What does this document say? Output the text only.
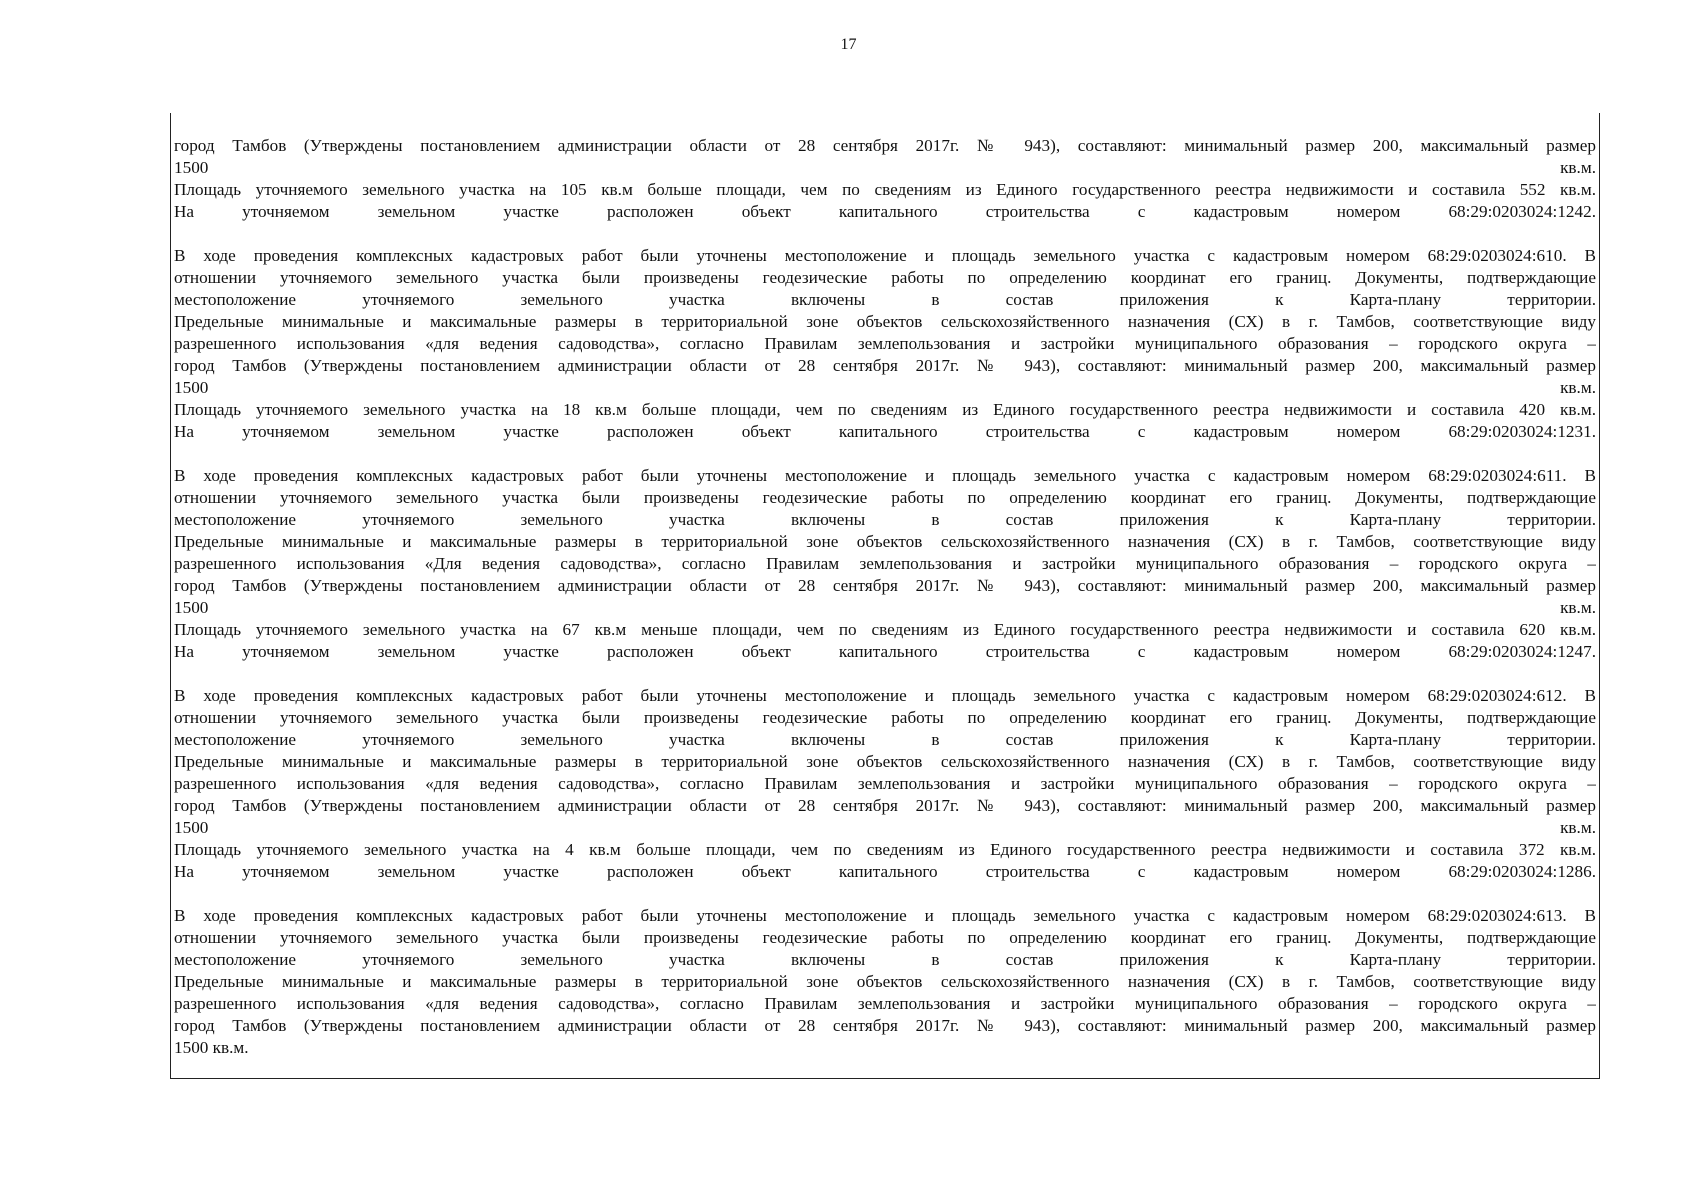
17
город Тамбов (Утверждены постановлением администрации области от 28 сентября 2017г. № 943), составляют: минимальный размер 200, максимальный размер
1500 кв.м.
Площадь уточняемого земельного участка на 105 кв.м больше площади, чем по сведениям из Единого государственного реестра недвижимости и составила 552 кв.м.
На уточняемом земельном участке расположен объект капитального строительства с кадастровым номером 68:29:0203024:1242.
В ходе проведения комплексных кадастровых работ были уточнены местоположение и площадь земельного участка с кадастровым номером 68:29:0203024:610. В
отношении уточняемого земельного участка были произведены геодезические работы по определению координат его границ. Документы, подтверждающие
местоположение уточняемого земельного участка включены в состав приложения к Карта-плану территории.
Предельные минимальные и максимальные размеры в территориальной зоне объектов сельскохозяйственного назначения (СХ) в г. Тамбов, соответствующие виду
разрешенного использования «для ведения садоводства», согласно Правилам землепользования и застройки муниципального образования – городского округа –
город Тамбов (Утверждены постановлением администрации области от 28 сентября 2017г. № 943), составляют: минимальный размер 200, максимальный размер
1500 кв.м.
Площадь уточняемого земельного участка на 18 кв.м больше площади, чем по сведениям из Единого государственного реестра недвижимости и составила 420 кв.м.
На уточняемом земельном участке расположен объект капитального строительства с кадастровым номером 68:29:0203024:1231.
В ходе проведения комплексных кадастровых работ были уточнены местоположение и площадь земельного участка с кадастровым номером 68:29:0203024:611. В
отношении уточняемого земельного участка были произведены геодезические работы по определению координат его границ. Документы, подтверждающие
местоположение уточняемого земельного участка включены в состав приложения к Карта-плану территории.
Предельные минимальные и максимальные размеры в территориальной зоне объектов сельскохозяйственного назначения (СХ) в г. Тамбов, соответствующие виду
разрешенного использования «Для ведения садоводства», согласно Правилам землепользования и застройки муниципального образования – городского округа –
город Тамбов (Утверждены постановлением администрации области от 28 сентября 2017г. № 943), составляют: минимальный размер 200, максимальный размер
1500 кв.м.
Площадь уточняемого земельного участка на 67 кв.м меньше площади, чем по сведениям из Единого государственного реестра недвижимости и составила 620 кв.м.
На уточняемом земельном участке расположен объект капитального строительства с кадастровым номером 68:29:0203024:1247.
В ходе проведения комплексных кадастровых работ были уточнены местоположение и площадь земельного участка с кадастровым номером 68:29:0203024:612. В
отношении уточняемого земельного участка были произведены геодезические работы по определению координат его границ. Документы, подтверждающие
местоположение уточняемого земельного участка включены в состав приложения к Карта-плану территории.
Предельные минимальные и максимальные размеры в территориальной зоне объектов сельскохозяйственного назначения (СХ) в г. Тамбов, соответствующие виду
разрешенного использования «для ведения садоводства», согласно Правилам землепользования и застройки муниципального образования – городского округа –
город Тамбов (Утверждены постановлением администрации области от 28 сентября 2017г. № 943), составляют: минимальный размер 200, максимальный размер
1500 кв.м.
Площадь уточняемого земельного участка на 4 кв.м больше площади, чем по сведениям из Единого государственного реестра недвижимости и составила 372 кв.м.
На уточняемом земельном участке расположен объект капитального строительства с кадастровым номером 68:29:0203024:1286.
В ходе проведения комплексных кадастровых работ были уточнены местоположение и площадь земельного участка с кадастровым номером 68:29:0203024:613. В
отношении уточняемого земельного участка были произведены геодезические работы по определению координат его границ. Документы, подтверждающие
местоположение уточняемого земельного участка включены в состав приложения к Карта-плану территории.
Предельные минимальные и максимальные размеры в территориальной зоне объектов сельскохозяйственного назначения (СХ) в г. Тамбов, соответствующие виду
разрешенного использования «для ведения садоводства», согласно Правилам землепользования и застройки муниципального образования – городского округа –
город Тамбов (Утверждены постановлением администрации области от 28 сентября 2017г. № 943), составляют: минимальный размер 200, максимальный размер
1500 кв.м.
